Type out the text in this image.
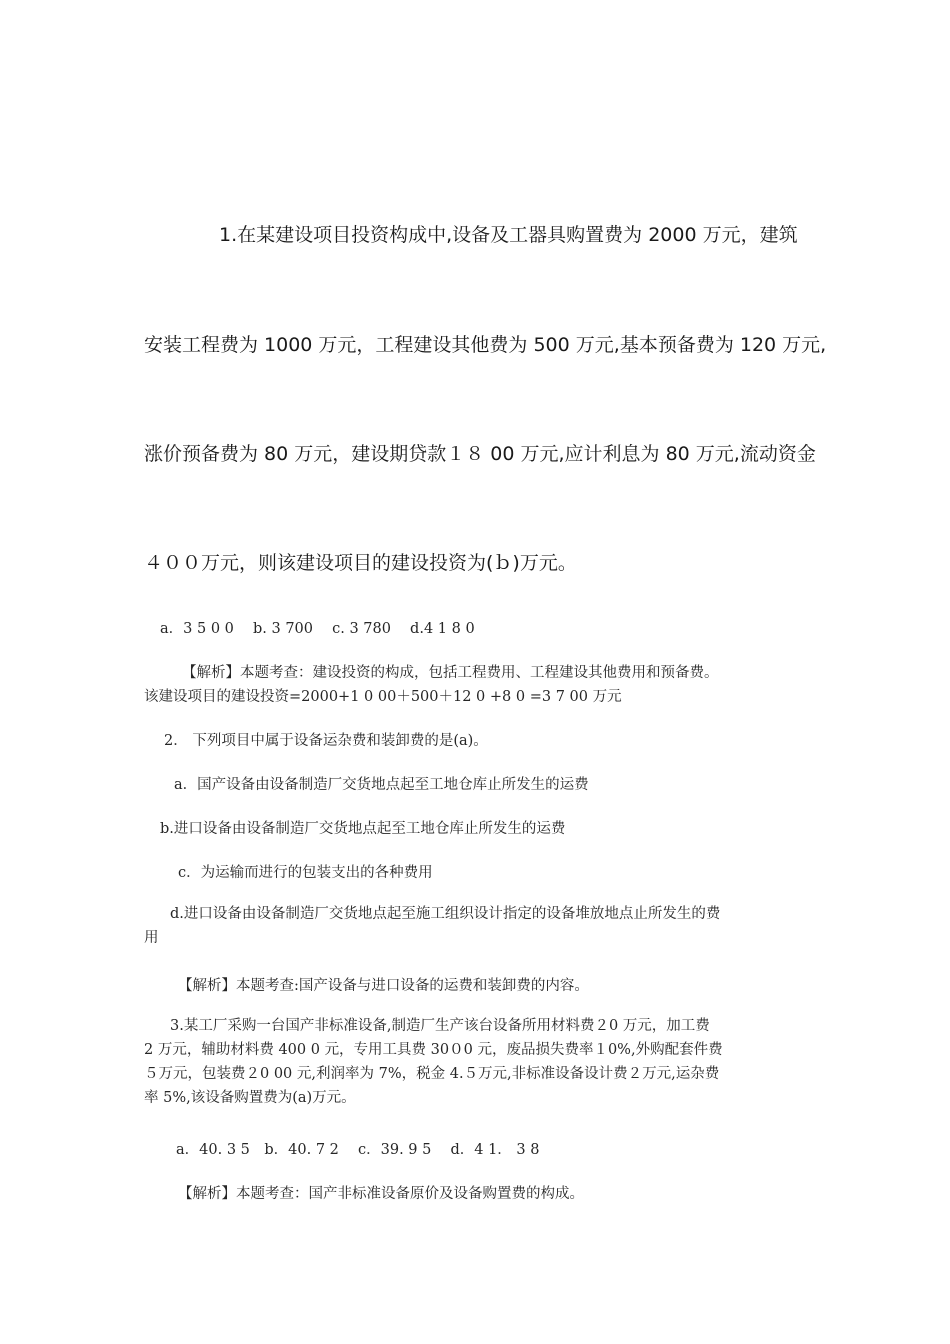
1.在某建设项目投资构成中,设备及工器具购置费为 2000 万元，建筑
安装工程费为 1000 万元，工程建设其他费为 500 万元,基本预备费为 120 万元,
涨价预备费为 80 万元，建设期贷款１８ 00 万元,应计利息为 80 万元,流动资金
４００万元，则该建设项目的建设投资为(ｂ)万元。
a．3 5 0 0　 b. 3 700　 c. 3 780　 d.4 1 8 0
【解析】本题考查：建设投资的构成，包括工程费用、工程建设其他费用和预备费。
该建设项目的建设投资=2000+1 0 00＋500＋12 0 +8 0 =3 7 00 万元
2． 下列项目中属于设备运杂费和装卸费的是(a)。
a．国产设备由设备制造厂交货地点起至工地仓库止所发生的运费
b.进口设备由设备制造厂交货地点起至工地仓库止所发生的运费
c．为运输而进行的包装支出的各种费用
d.进口设备由设备制造厂交货地点起至施工组织设计指定的设备堆放地点止所发生的费
用
【解析】本题考查:国产设备与进口设备的运费和装卸费的内容。
3.某工厂采购一台国产非标准设备,制造厂生产该台设备所用材料费２0 万元，加工费
2 万元，辅助材料费 400 0 元，专用工具费 30０0 元，废品损失费率１0%,外购配套件费
５万元，包装费２0 00 元,利润率为 7%，税金 4.５万元,非标准设备设计费２万元,运杂费
率 5%,该设备购置费为(a)万元。
a．40. 3 5　b．40. 7 2　 c．39. 9 5　 d．4 1． 3 8
【解析】本题考查：国产非标准设备原价及设备购置费的构成。
